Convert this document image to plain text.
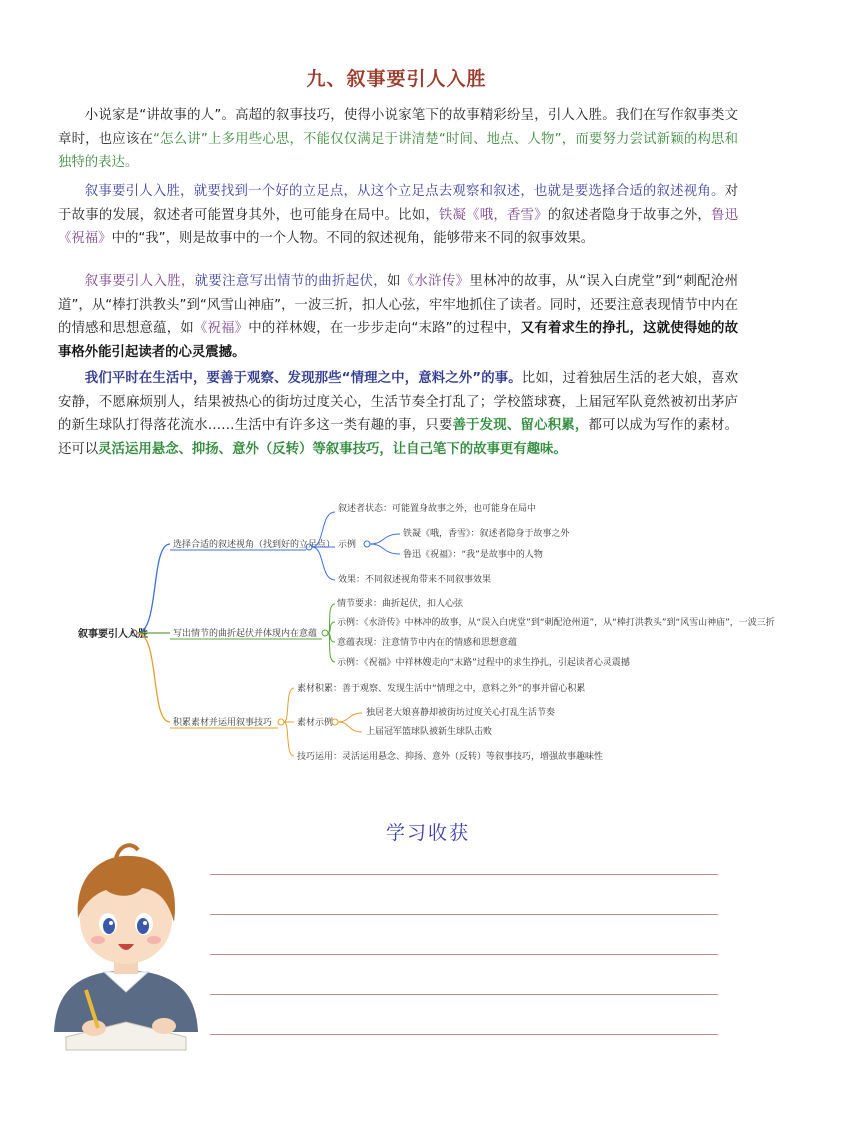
九、叙事要引人入胜

小说家是“讲故事的人”。高超的叙事技巧，使得小说家笔下的故事精彩纷呈，引人入胜。我们在写作叙事类文章时，也应该在“怎么讲”上多用些心思，不能仅仅满足于讲清楚“时间、地点、人物”，而要努力尝试新颖的构思和独特的表达。

叙事要引人入胜，就要找到一个好的立足点，从这个立足点去观察和叙述，也就是要选择合适的叙述视角。对于故事的发展，叙述者可能置身其外，也可能身在局中。比如，铁凝《哦，香雪》的叙述者隐身于故事之外，鲁迅《祝福》中的“我”，则是故事中的一个人物。不同的叙述视角，能够带来不同的叙事效果。

叙事要引人入胜，就要注意写出情节的曲折起伏，如《水浒传》里林冲的故事，从“误入白虎堂”到“刺配沧州道”，从“棒打洪教头”到“风雪山神庙”，一波三折，扣人心弦，牢牢地抓住了读者。同时，还要注意表现情节中内在的情感和思想意蕴，如《祝福》中的祥林嫂，在一步步走向“末路”的过程中，又有着求生的挣扎，这就使得她的故事格外能引起读者的心灵震撼。

我们平时在生活中，要善于观察、发现那些“情理之中，意料之外”的事。比如，过着独居生活的老大娘，喜欢安静，不愿麻烦别人，结果被热心的街坊过度关心，生活节奏全打乱了；学校篮球赛，上届冠军队竟然被初出茅庐的新生球队打得落花流水……生活中有许多这一类有趣的事，只要善于发现、留心积累，都可以成为写作的素材。还可以灵活运用悬念、抑扬、意外（反转）等叙事技巧，让自己笔下的故事更有趣味。

叙事要引人入胜
选择合适的叙述视角（找到好的立足点）
叙述者状态：可能置身故事之外，也可能身在局中
示例
铁凝《哦，香雪》：叙述者隐身于故事之外
鲁迅《祝福》：“我”是故事中的人物
效果：不同叙述视角带来不同叙事效果
写出情节的曲折起伏并体现内在意蕴
情节要求：曲折起伏，扣人心弦
示例：《水浒传》中林冲的故事，从“误入白虎堂”到“刺配沧州道”，从“棒打洪教头”到“风雪山神庙”，一波三折
意蕴表现：注意情节中内在的情感和思想意蕴
示例：《祝福》中祥林嫂走向“末路”过程中的求生挣扎，引起读者心灵震撼
积累素材并运用叙事技巧
素材积累：善于观察、发现生活中“情理之中，意料之外”的事并留心积累
素材示例
独居老大娘喜静却被街坊过度关心打乱生活节奏
上届冠军篮球队被新生球队击败
技巧运用：灵活运用悬念、抑扬、意外（反转）等叙事技巧，增强故事趣味性
学习收获
